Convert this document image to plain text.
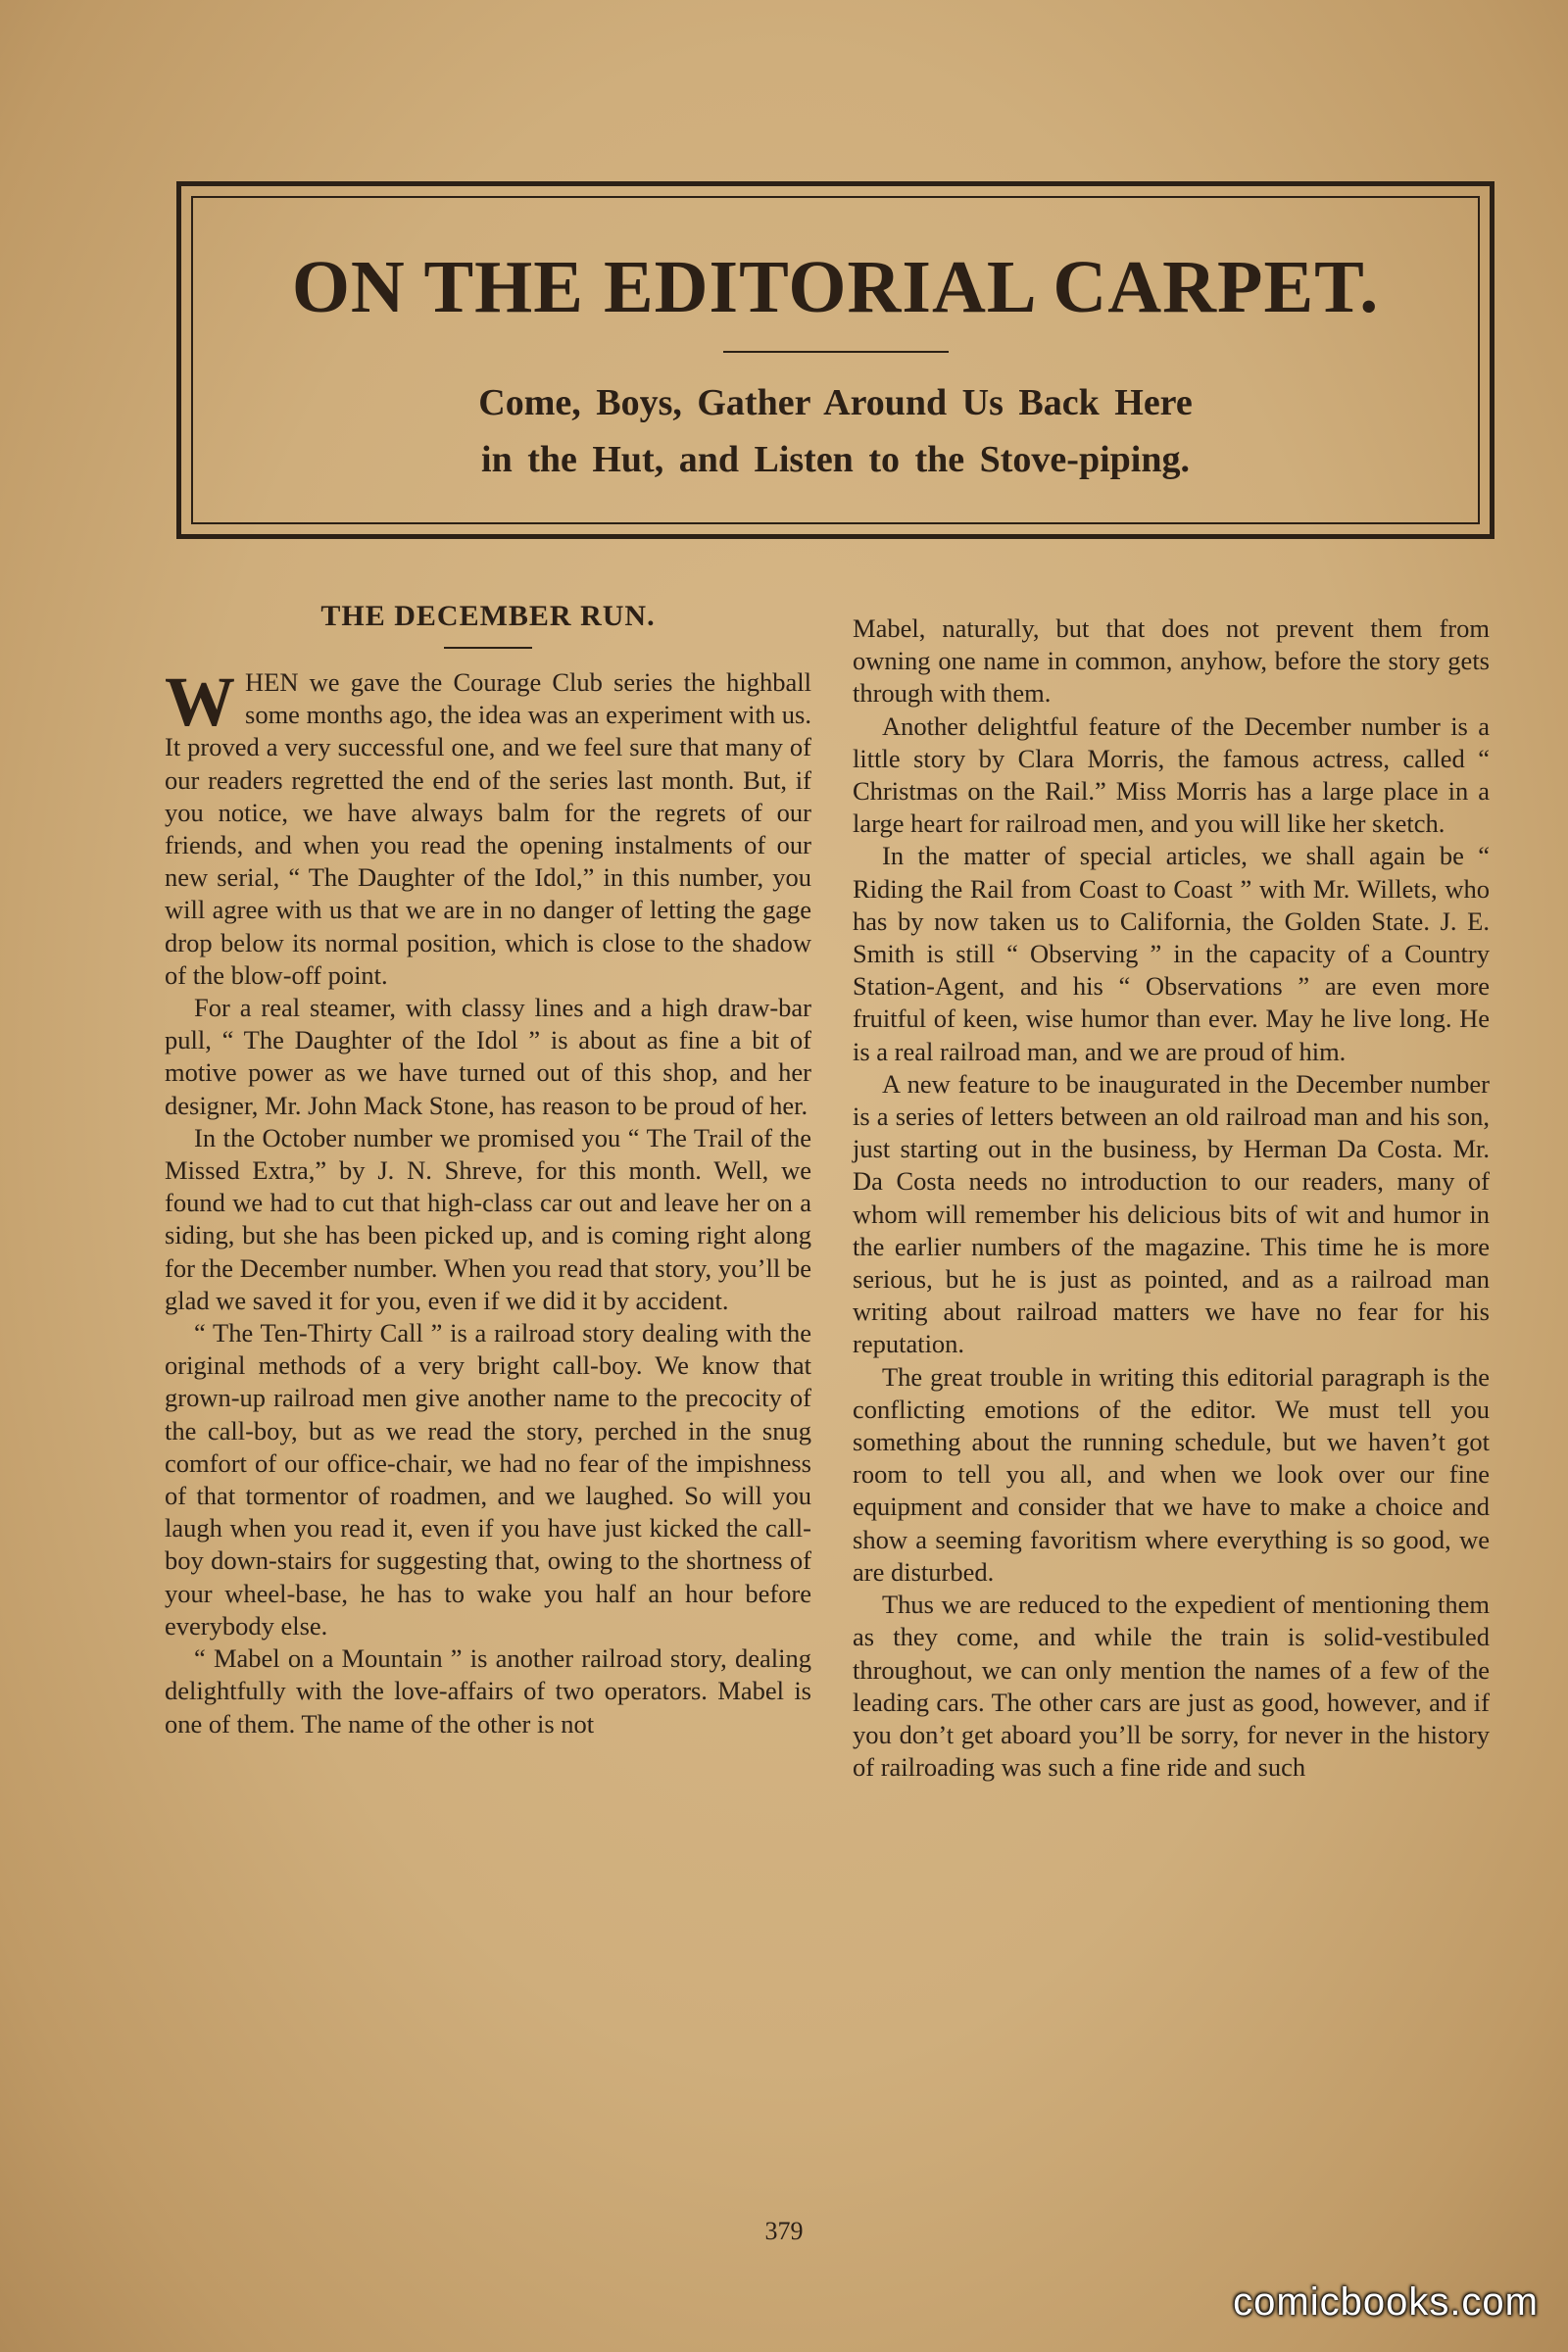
ON THE EDITORIAL CARPET.
Come, Boys, Gather Around Us Back Here
in the Hut, and Listen to the Stove-piping.
THE DECEMBER RUN.

WHEN we gave the Courage Club series the highball some months ago, the idea was an experiment with us. It proved a very successful one, and we feel sure that many of our readers regretted the end of the series last month. But, if you notice, we have always balm for the regrets of our friends, and when you read the opening instalments of our new serial, “ The Daughter of the Idol,” in this number, you will agree with us that we are in no danger of letting the gage drop below its normal position, which is close to the shadow of the blow-off point.

For a real steamer, with classy lines and a high draw-bar pull, “ The Daughter of the Idol ” is about as fine a bit of motive power as we have turned out of this shop, and her designer, Mr. John Mack Stone, has reason to be proud of her.

In the October number we promised you “ The Trail of the Missed Extra,” by J. N. Shreve, for this month. Well, we found we had to cut that high-class car out and leave her on a siding, but she has been picked up, and is coming right along for the December number. When you read that story, you’ll be glad we saved it for you, even if we did it by accident.

“ The Ten-Thirty Call ” is a railroad story dealing with the original methods of a very bright call-boy. We know that grown-up railroad men give another name to the precocity of the call-boy, but as we read the story, perched in the snug comfort of our office-chair, we had no fear of the impishness of that tormentor of roadmen, and we laughed. So will you laugh when you read it, even if you have just kicked the call-boy down-stairs for suggesting that, owing to the shortness of your wheel-base, he has to wake you half an hour before everybody else.

“ Mabel on a Mountain ” is another railroad story, dealing delightfully with the love-affairs of two operators. Mabel is one of them. The name of the other is not

Mabel, naturally, but that does not prevent them from owning one name in common, anyhow, before the story gets through with them.

Another delightful feature of the December number is a little story by Clara Morris, the famous actress, called “ Christmas on the Rail.” Miss Morris has a large place in a large heart for railroad men, and you will like her sketch.

In the matter of special articles, we shall again be “ Riding the Rail from Coast to Coast ” with Mr. Willets, who has by now taken us to California, the Golden State. J. E. Smith is still “ Observing ” in the capacity of a Country Station-Agent, and his “ Observations ” are even more fruitful of keen, wise humor than ever. May he live long. He is a real railroad man, and we are proud of him.

A new feature to be inaugurated in the December number is a series of letters between an old railroad man and his son, just starting out in the business, by Herman Da Costa. Mr. Da Costa needs no introduction to our readers, many of whom will remember his delicious bits of wit and humor in the earlier numbers of the magazine. This time he is more serious, but he is just as pointed, and as a railroad man writing about railroad matters we have no fear for his reputation.

The great trouble in writing this editorial paragraph is the conflicting emotions of the editor. We must tell you something about the running schedule, but we haven’t got room to tell you all, and when we look over our fine equipment and consider that we have to make a choice and show a seeming favoritism where everything is so good, we are disturbed.

Thus we are reduced to the expedient of mentioning them as they come, and while the train is solid-vestibuled throughout, we can only mention the names of a few of the leading cars. The other cars are just as good, however, and if you don’t get aboard you’ll be sorry, for never in the history of railroading was such a fine ride and such

379
comicbooks.com
